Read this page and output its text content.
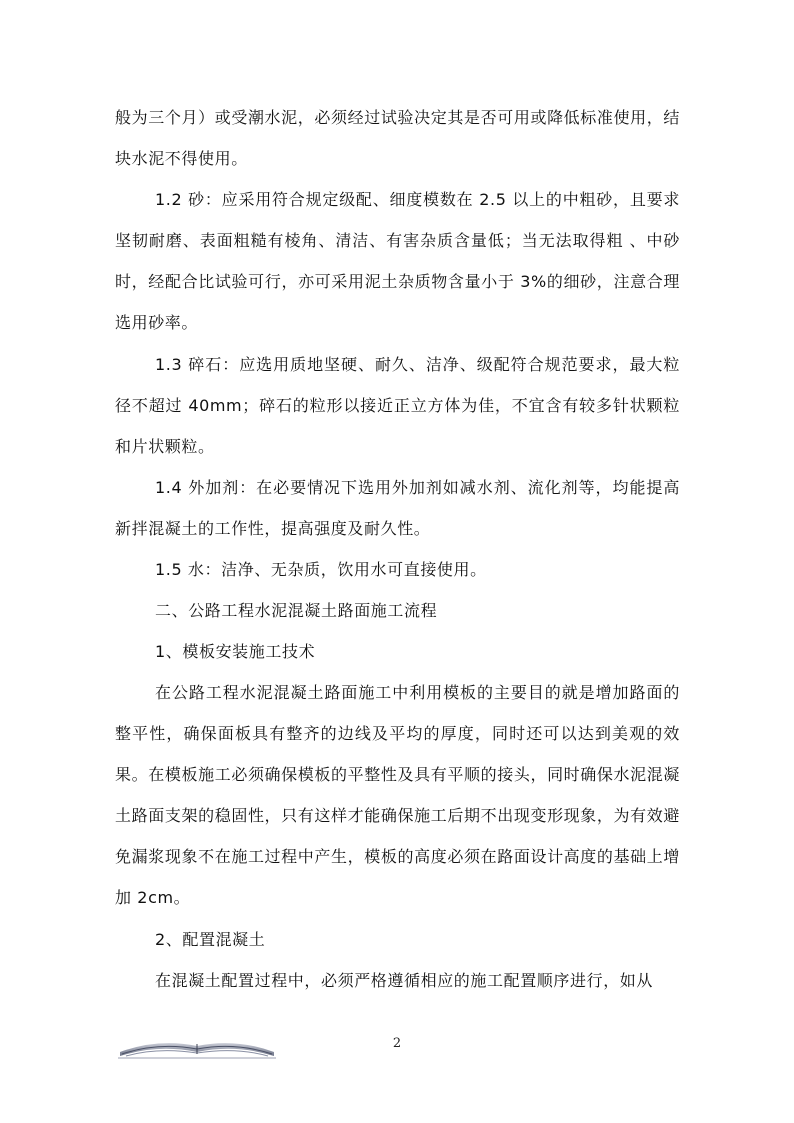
般为三个月）或受潮水泥，必须经过试验决定其是否可用或降低标准使用，结块水泥不得使用。
1.2 砂：应采用符合规定级配、细度模数在 2.5 以上的中粗砂，且要求坚韧耐磨、表面粗糙有棱角、清洁、有害杂质含量低；当无法取得粗 、中砂时，经配合比试验可行，亦可采用泥土杂质物含量小于 3%的细砂，注意合理选用砂率。
1.3 碎石：应选用质地坚硬、耐久、洁净、级配符合规范要求，最大粒径不超过 40mm；碎石的粒形以接近正立方体为佳，不宜含有较多针状颗粒和片状颗粒。
1.4 外加剂：在必要情况下选用外加剂如减水剂、流化剂等，均能提高新拌混凝土的工作性，提高强度及耐久性。
1.5 水：洁净、无杂质，饮用水可直接使用。
二、公路工程水泥混凝土路面施工流程
1、模板安装施工技术
在公路工程水泥混凝土路面施工中利用模板的主要目的就是增加路面的整平性，确保面板具有整齐的边线及平均的厚度，同时还可以达到美观的效果。在模板施工必须确保模板的平整性及具有平顺的接头，同时确保水泥混凝土路面支架的稳固性，只有这样才能确保施工后期不出现变形现象，为有效避免漏浆现象不在施工过程中产生，模板的高度必须在路面设计高度的基础上增加 2cm。
2、配置混凝土
在混凝土配置过程中，必须严格遵循相应的施工配置顺序进行，如从
2
